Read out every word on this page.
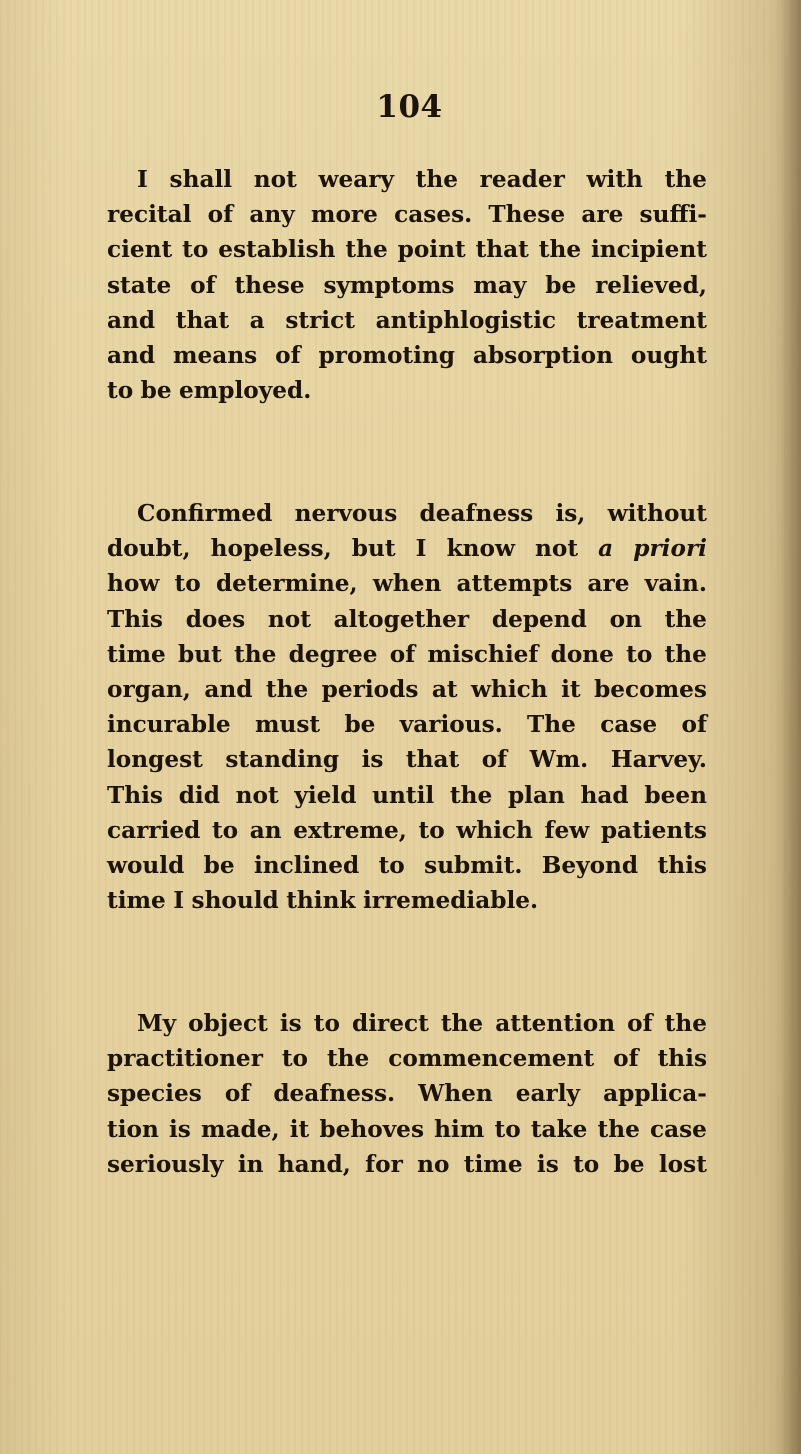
104
I shall not weary the reader with the
recital of any more cases. These are suffi-
cient to establish the point that the incipient
state of these symptoms may be relieved,
and that a strict antiphlogistic treatment
and means of promoting absorption ought
to be employed.
Confirmed nervous deafness is, without
doubt, hopeless, but I know not a priori
how to determine, when attempts are vain.
This does not altogether depend on the
time but the degree of mischief done to the
organ, and the periods at which it becomes
incurable must be various. The case of
longest standing is that of Wm. Harvey.
This did not yield until the plan had been
carried to an extreme, to which few patients
would be inclined to submit. Beyond this
time I should think irremediable.
My object is to direct the attention of the
practitioner to the commencement of this
species of deafness. When early applica-
tion is made, it behoves him to take the case
seriously in hand, for no time is to be lost
